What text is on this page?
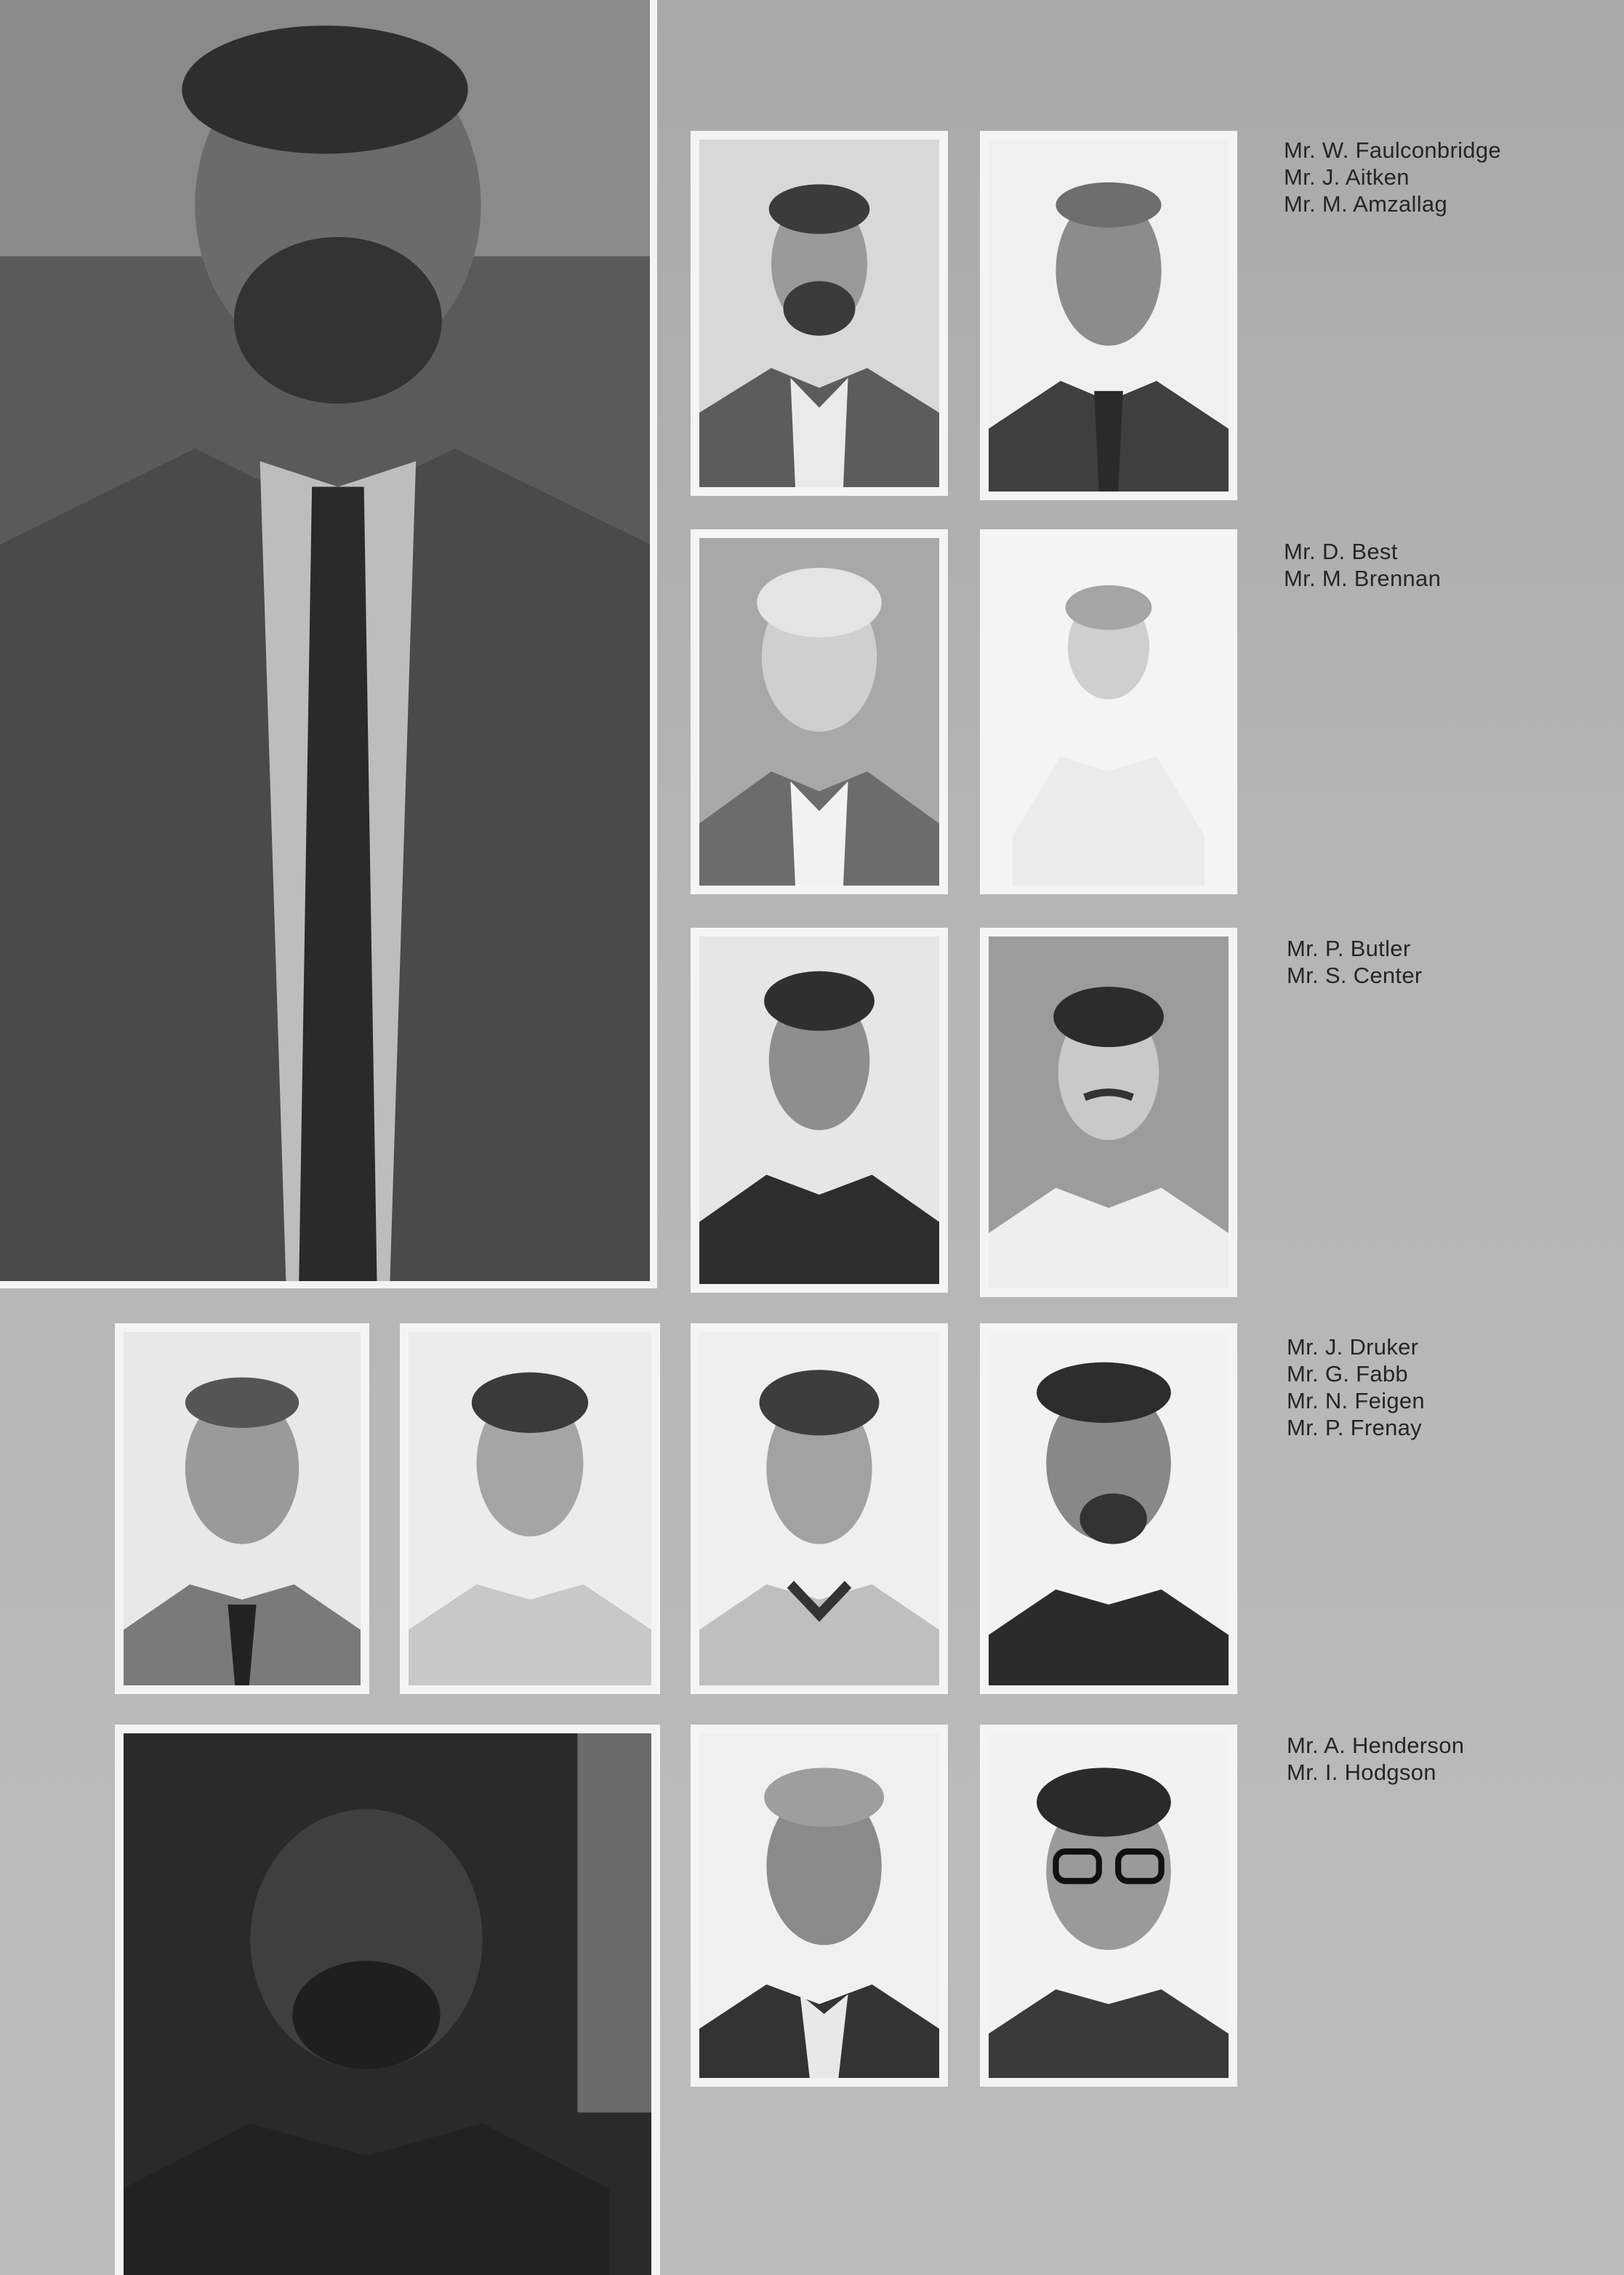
Mr. W. Faulconbridge
Mr. J. Aitken
Mr. M. Amzallag
Mr. D. Best
Mr. M. Brennan
Mr. P. Butler
Mr. S. Center
Mr. J. Druker
Mr. G. Fabb
Mr. N. Feigen
Mr. P. Frenay
Mr. A. Henderson
Mr. I. Hodgson
